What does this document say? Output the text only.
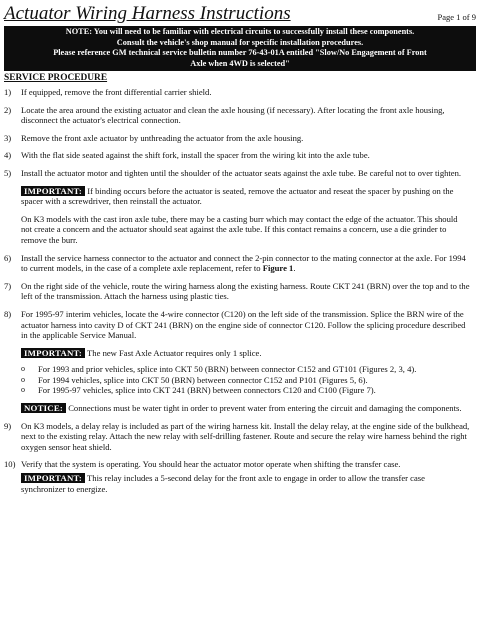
Actuator Wiring Harness Instructions	Page 1 of 9
NOTE: You will need to be familiar with electrical circuits to successfully install these components.
Consult the vehicle's shop manual for specific installation procedures.
Please reference GM technical service bulletin number 76-43-01A entitled "Slow/No Engagement of Front
Axle when 4WD is selected"
SERVICE PROCEDURE
1)	If equipped, remove the front differential carrier shield.
2)	Locate the area around the existing actuator and clean the axle housing (if necessary). After locating the front axle housing, disconnect the actuator's electrical connection.
3)	Remove the front axle actuator by unthreading the actuator from the axle housing.
4)	With the flat side seated against the shift fork, install the spacer from the wiring kit into the axle tube.
5)	Install the actuator motor and tighten until the shoulder of the actuator seats against the axle tube. Be careful not to over tighten.
IMPORTANT: If binding occurs before the actuator is seated, remove the actuator and reseat the spacer by pushing on the spacer with a screwdriver, then reinstall the actuator.
On K3 models with the cast iron axle tube, there may be a casting burr which may contact the edge of the actuator. This should not create a concern and the actuator should seat against the axle tube. If this contact remains a concern, use a die grinder to remove the burr.
6)	Install the service harness connector to the actuator and connect the 2-pin connector to the mating connector at the axle. For 1994 to current models, in the case of a complete axle replacement, refer to Figure 1.
7)	On the right side of the vehicle, route the wiring harness along the existing harness. Route CKT 241 (BRN) over the top and to the left of the transmission. Attach the harness using plastic ties.
8)	For 1995-97 interim vehicles, locate the 4-wire connector (C120) on the left side of the transmission. Splice the BRN wire of the actuator harness into cavity D of CKT 241 (BRN) on the engine side of connector C120. Follow the splicing procedure described in the applicable Service Manual.
IMPORTANT: The new Fast Axle Actuator requires only 1 splice.
o	For 1993 and prior vehicles, splice into CKT 50 (BRN) between connector C152 and GT101 (Figures 2, 3, 4).
o	For 1994 vehicles, splice into CKT 50 (BRN) between connector C152 and P101 (Figures 5, 6).
o	For 1995-97 vehicles, splice into CKT 241 (BRN) between connectors C120 and C100 (Figure 7).
NOTICE: Connections must be water tight in order to prevent water from entering the circuit and damaging the components.
9)	On K3 models, a delay relay is included as part of the wiring harness kit. Install the delay relay, at the engine side of the bulkhead, next to the existing relay. Attach the new relay with self-drilling fastener. Route and secure the relay wire harness behind the right oxygen sensor heat shield.
10) Verify that the system is operating. You should hear the actuator motor operate when shifting the transfer case.
IMPORTANT: This relay includes a 5-second delay for the front axle to engage in order to allow the transfer case synchronizer to energize.
